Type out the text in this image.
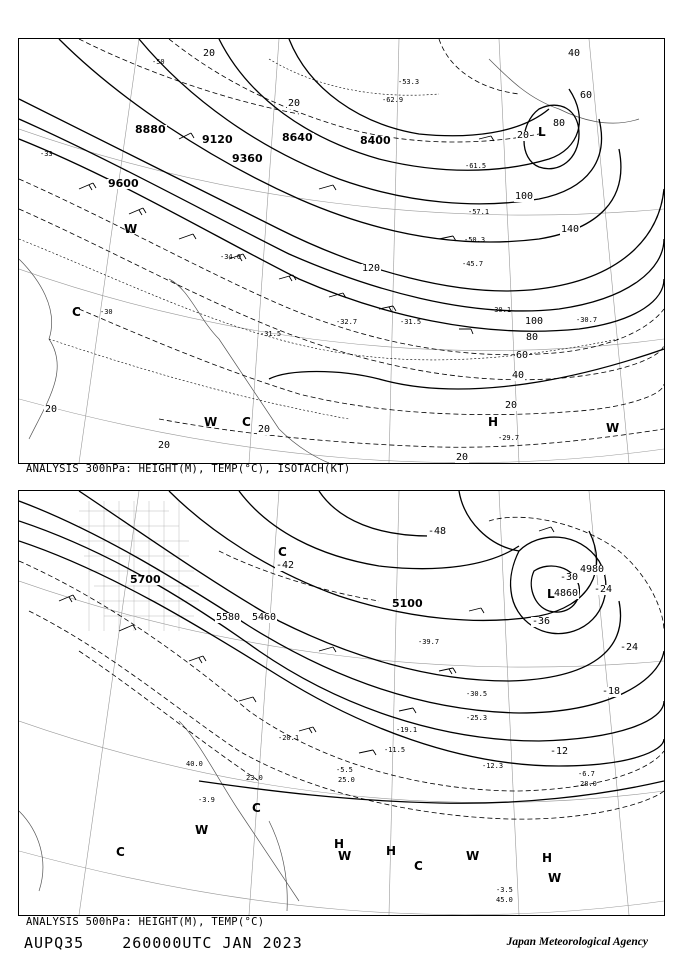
9600
9360
9120	8640	8400
8880
20
20
40
60
80
100
120
140
100
80
60
40
20
20
20
20
20
20 L
H
W
W	W
C
C
-50
-53.3
-62.9
-61.5
-33
-30
-34.0
-31.5
-32.7	-30.7
-29.7
-31.5
-45.7
-50.3
-57.1
-30.1
ANALYSIS 300hPa: HEIGHT(M), TEMP(°C), ISOTACH(KT)
5700
5580 5460
5100
4980
4860
-42
-48
-36
-24
-18
-12
-30
-24
L
H	H	H
W
W	W
W
C
C
C
C
-39.7
-30.5
-25.3
-19.1
-11.5
-12.3
-6.7
-5.5
-3.5
-3.9
40.0
45.0
23.0	25.0
-20.1
28.0
ANALYSIS 500hPa: HEIGHT(M), TEMP(°C)
AUPQ35	260000UTC JAN 2023	Japan Meteorological Agency
